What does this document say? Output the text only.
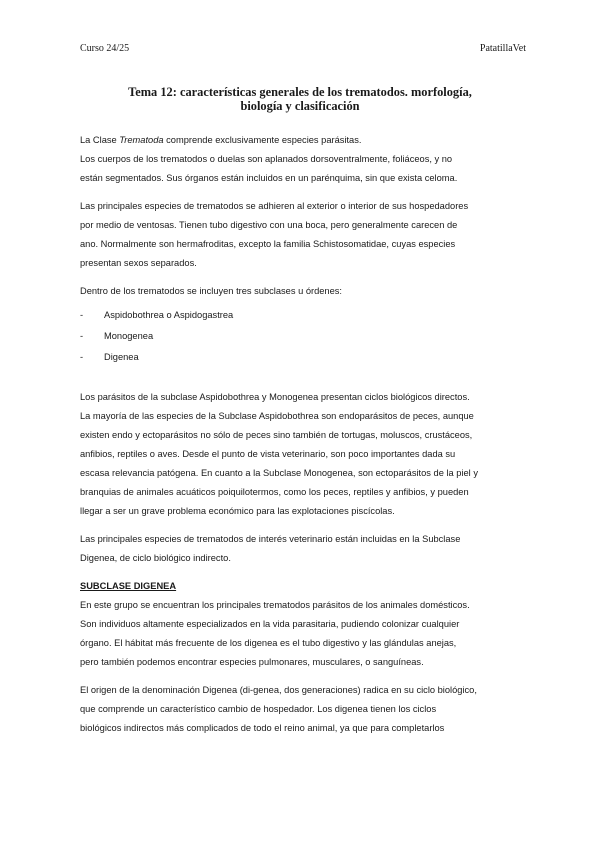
Curso 24/25	PatatillaVet
Tema 12: características generales de los trematodos. morfología,
biología y clasificación
La Clase Trematoda comprende exclusivamente especies parásitas.
Los cuerpos de los trematodos o duelas son aplanados dorsoventralmente, foliáceos, y no
están segmentados. Sus órganos están incluidos en un parénquima, sin que exista celoma.
Las principales especies de trematodos se adhieren al exterior o interior de sus hospedadores
por medio de ventosas. Tienen tubo digestivo con una boca, pero generalmente carecen de
ano. Normalmente son hermafroditas, excepto la familia Schistosomatidae, cuyas especies
presentan sexos separados.
Dentro de los trematodos se incluyen tres subclases u órdenes:
- Aspidobothrea o Aspidogastrea
- Monogenea
- Digenea
Los parásitos de la subclase Aspidobothrea y Monogenea presentan ciclos biológicos directos.
La mayoría de las especies de la Subclase Aspidobothrea son endoparásitos de peces, aunque
existen endo y ectoparásitos no sólo de peces sino también de tortugas, moluscos, crustáceos,
anfibios, reptiles o aves. Desde el punto de vista veterinario, son poco importantes dada su
escasa relevancia patógena. En cuanto a la Subclase Monogenea, son ectoparásitos de la piel y
branquias de animales acuáticos poiquilotermos, como los peces, reptiles y anfibios, y pueden
llegar a ser un grave problema económico para las explotaciones piscícolas.
Las principales especies de trematodos de interés veterinario están incluidas en la Subclase
Digenea, de ciclo biológico indirecto.
SUBCLASE DIGENEA
En este grupo se encuentran los principales trematodos parásitos de los animales domésticos.
Son individuos altamente especializados en la vida parasitaria, pudiendo colonizar cualquier
órgano. El hábitat más frecuente de los digenea es el tubo digestivo y las glándulas anejas,
pero también podemos encontrar especies pulmonares, musculares, o sanguíneas.
El origen de la denominación Digenea (di-genea, dos generaciones) radica en su ciclo biológico,
que comprende un característico cambio de hospedador. Los digenea tienen los ciclos
biológicos indirectos más complicados de todo el reino animal, ya que para completarlos
